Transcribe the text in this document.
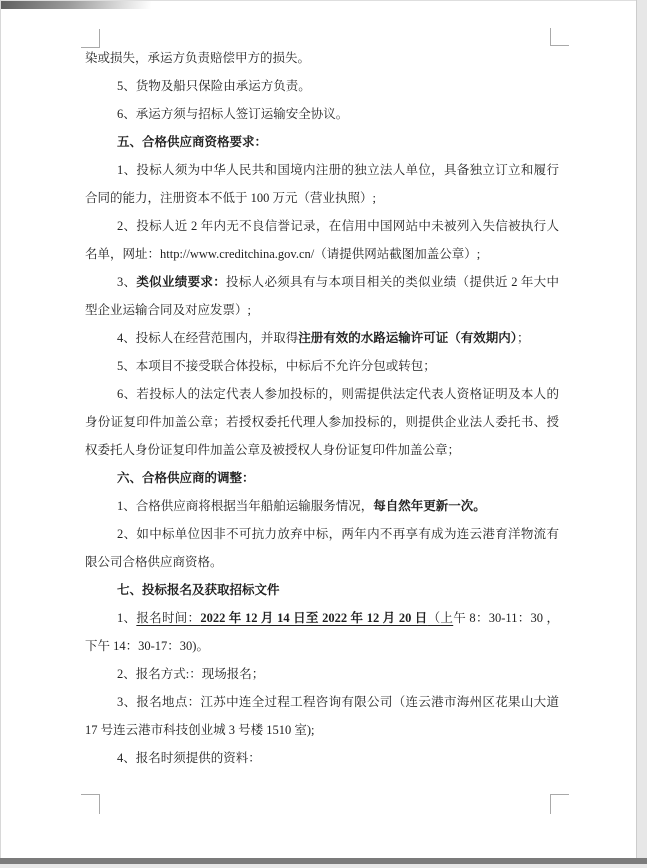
染或损失，承运方负责赔偿甲方的损失。

5、货物及船只保险由承运方负责。

6、承运方须与招标人签订运输安全协议。

五、合格供应商资格要求：

1、投标人须为中华人民共和国境内注册的独立法人单位，具备独立订立和履行合同的能力，注册资本不低于 100 万元（营业执照）;

2、投标人近 2 年内无不良信誉记录，在信用中国网站中未被列入失信被执行人名单，网址：http://www.creditchina.gov.cn/（请提供网站截图加盖公章）;

3、类似业绩要求：投标人必须具有与本项目相关的类似业绩（提供近 2 年大中型企业运输合同及对应发票）;

4、投标人在经营范围内，并取得注册有效的水路运输许可证（有效期内）；

5、本项目不接受联合体投标，中标后不允许分包或转包；

6、若投标人的法定代表人参加投标的，则需提供法定代表人资格证明及本人的身份证复印件加盖公章；若授权委托代理人参加投标的，则提供企业法人委托书、授权委托人身份证复印件加盖公章及被授权人身份证复印件加盖公章；

六、合格供应商的调整：

1、合格供应商将根据当年船舶运输服务情况，每自然年更新一次。

2、如中标单位因非不可抗力放弃中标，两年内不再享有成为连云港育洋物流有限公司合格供应商资格。

七、投标报名及获取招标文件

1、报名时间：2022 年 12 月 14 日至 2022 年 12 月 20 日（上午 8：30-11：30 ，下午 14：30-17：30)。

2、报名方式:：现场报名；

3、报名地点：江苏中连全过程工程咨询有限公司（连云港市海州区花果山大道 17 号连云港市科技创业城 3 号楼 1510 室);

4、报名时须提供的资料：
